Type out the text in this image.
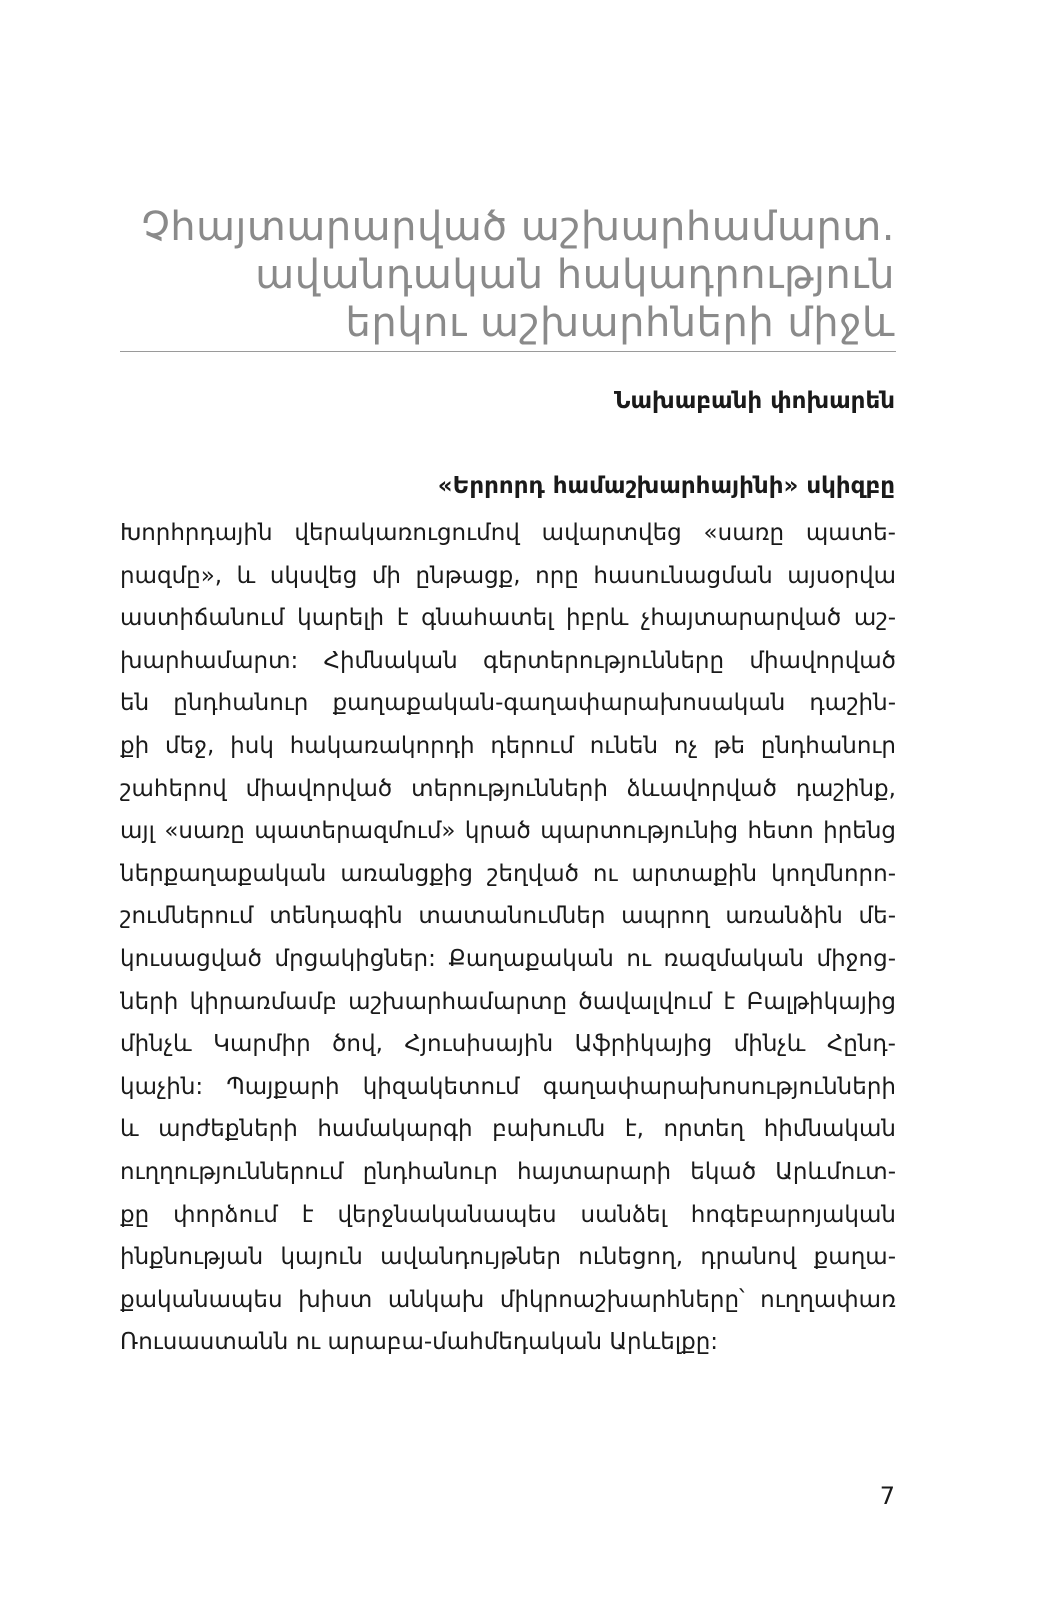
Չհայտարարված աշխարհամարտ.
ավանդական հակադրություն
երկու աշխարհների միջև
Նախաբանի փոխարեն
«Երրորդ համաշխարհայինի» սկիզբը
Խորհրդային վերակառուցումով ավարտվեց «սառը պատե-
րազմը», և սկսվեց մի ընթացք, որը հասունացման այսօրվա
աստիճանում կարելի է գնահատել իբրև չհայտարարված աշ-
խարհամարտ: Հիմնական գերտերությունները միավորված
են ընդհանուր քաղաքական-գաղափարախոսական դաշին-
քի մեջ, իսկ հակառակորդի դերում ունեն ոչ թե ընդհանուր
շահերով միավորված տերությունների ձևավորված դաշինք,
այլ «սառը պատերազմում» կրած պարտությունից հետո իրենց
ներքաղաքական առանցքից շեղված ու արտաքին կողմնորո-
շումներում տենդագին տատանումներ ապրող առանձին մե-
կուսացված մրցակիցներ: Քաղաքական ու ռազմական միջոց-
ների կիրառմամբ աշխարհամարտը ծավալվում է Բալթիկայից
մինչև Կարմիր ծով, Հյուսիսային Աֆրիկայից մինչև Հընդ-
կաչին: Պայքարի կիզակետում գաղափարախոսությունների
և արժեքների համակարգի բախումն է, որտեղ հիմնական
ուղղություններում ընդհանուր հայտարարի եկած Արևմուտ-
քը փորձում է վերջնականապես սանձել հոգեբարոյական
ինքնության կայուն ավանդույթներ ունեցող, դրանով քաղա-
քականապես խիստ անկախ միկրոաշխարհները՝ ուղղափառ
Ռուսաստանն ու արաբա-մահմեդական Արևելքը:
7
